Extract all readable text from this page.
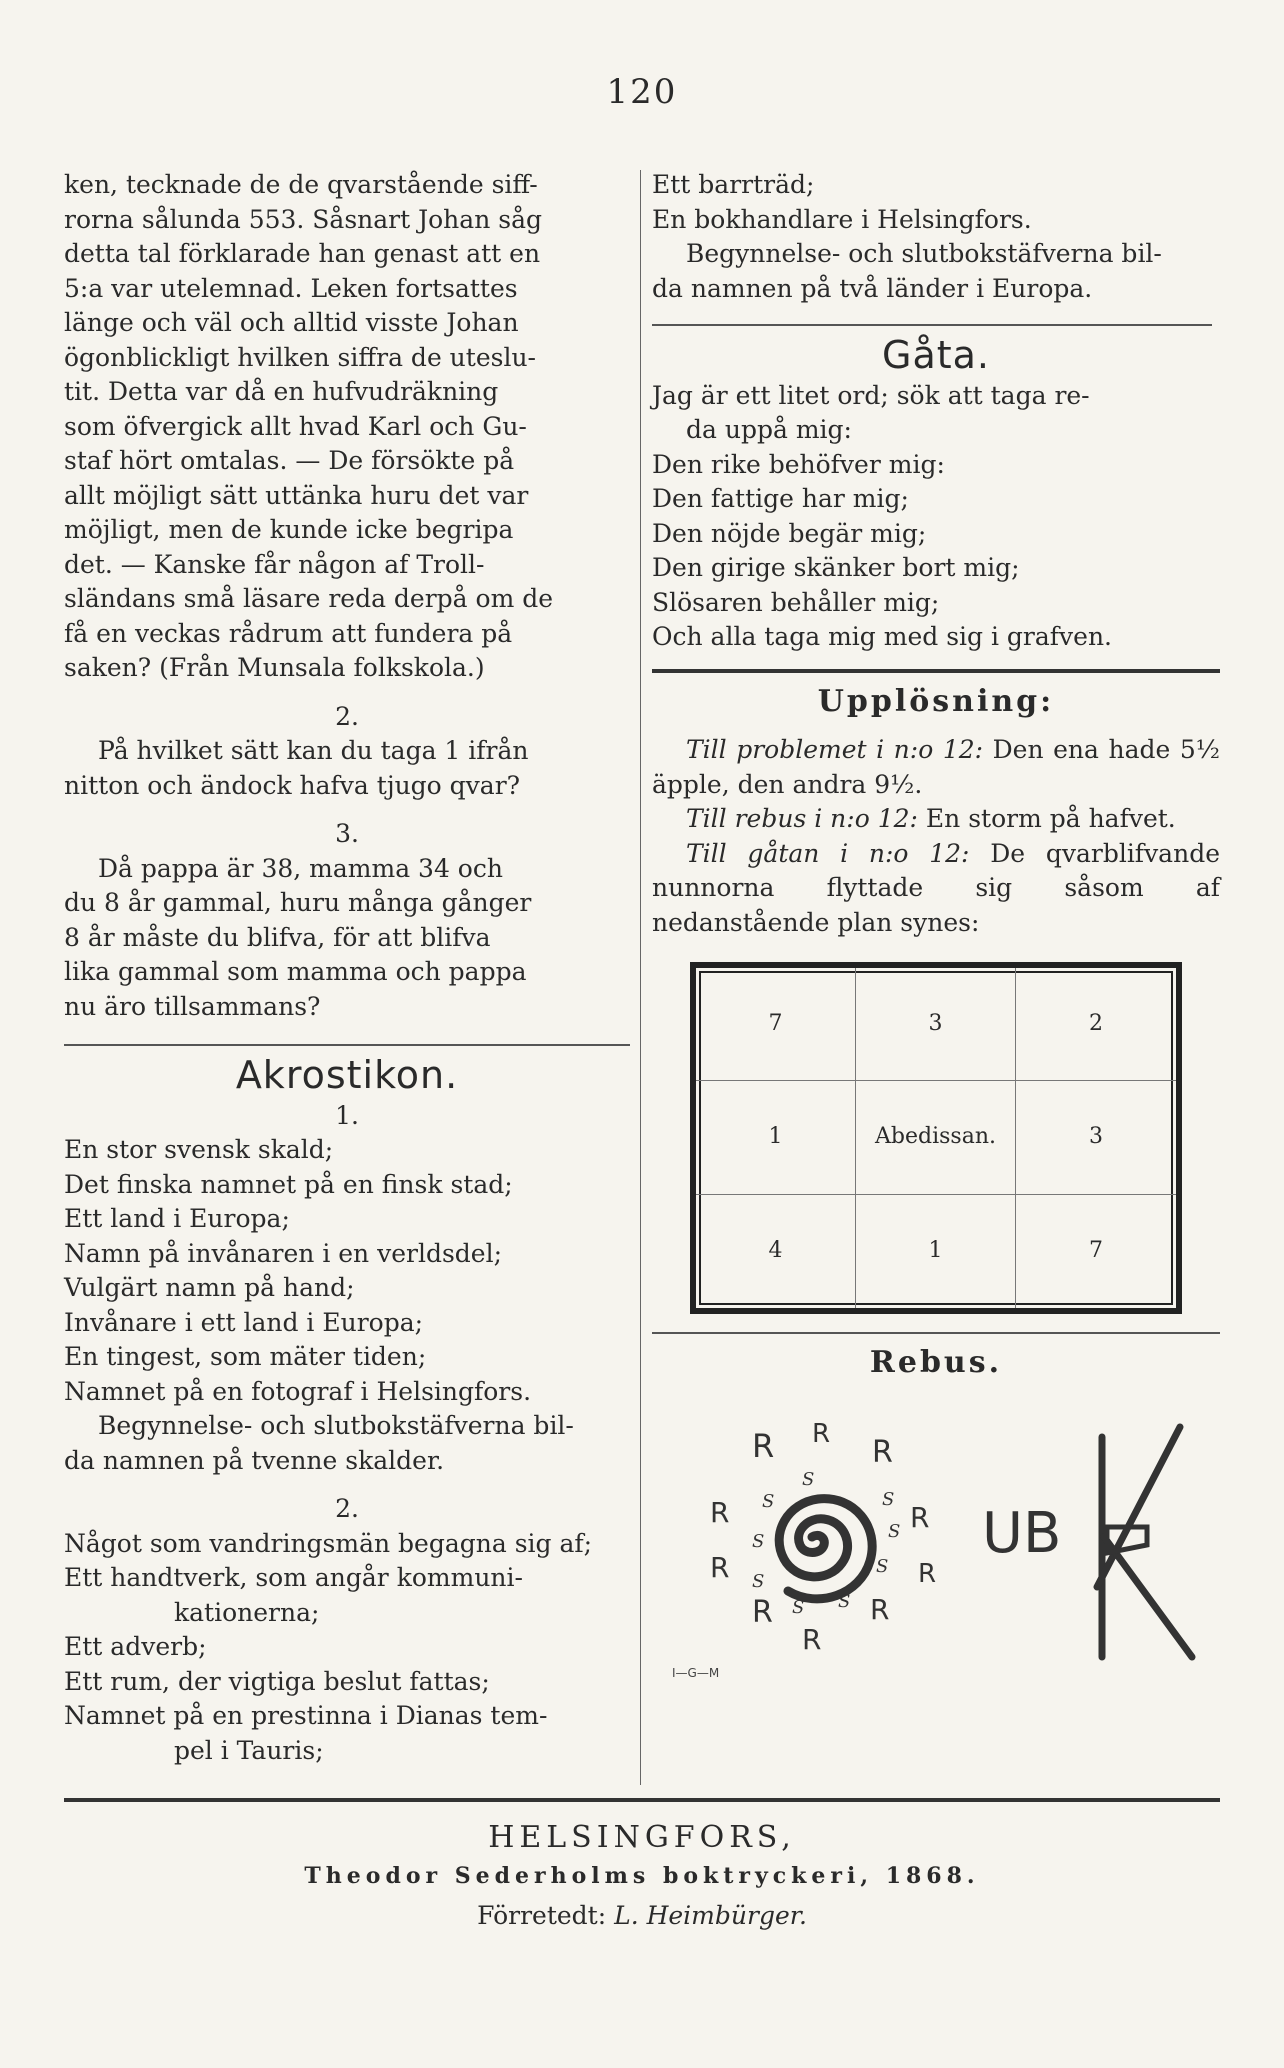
120

ken, tecknade de de qvarstående siff-

rorna sålunda 553. Såsnart Johan såg

detta tal förklarade han genast att en

5:a var utelemnad. Leken fortsattes

länge och väl och alltid visste Johan

ögonblickligt hvilken siffra de uteslu-

tit. Detta var då en hufvudräkning

som öfvergick allt hvad Karl och Gu-

staf hört omtalas. — De försökte på

allt möjligt sätt uttänka huru det var

möjligt, men de kunde icke begripa

det. — Kanske får någon af Troll-

sländans små läsare reda derpå om de

få en veckas rådrum att fundera på

saken? (Från Munsala folkskola.)

2.

På hvilket sätt kan du taga 1 ifrån

nitton och ändock hafva tjugo qvar?

3.

Då pappa är 38, mamma 34 och

du 8 år gammal, huru många gånger

8 år måste du blifva, för att blifva

lika gammal som mamma och pappa

nu äro tillsammans?

Akrostikon.

1.

En stor svensk skald;

Det finska namnet på en finsk stad;

Ett land i Europa;

Namn på invånaren i en verldsdel;

Vulgärt namn på hand;

Invånare i ett land i Europa;

En tingest, som mäter tiden;

Namnet på en fotograf i Helsingfors.

Begynnelse- och slutbokstäfverna bil-

da namnen på tvenne skalder.

2.

Något som vandringsmän begagna sig af;

Ett handtverk, som angår kommuni-

kationerna;

Ett adverb;

Ett rum, der vigtiga beslut fattas;

Namnet på en prestinna i Dianas tem-

pel i Tauris;

Ett barrträd;

En bokhandlare i Helsingfors.

Begynnelse- och slutbokstäfverna bil-

da namnen på två länder i Europa.

Gåta.

Jag är ett litet ord; sök att taga re-

da uppå mig:

Den rike behöfver mig:

Den fattige har mig;

Den nöjde begär mig;

Den girige skänker bort mig;

Slösaren behåller mig;

Och alla taga mig med sig i grafven.

Upplösning:

Till problemet i n:o 12: Den ena hade 5½ äpple, den andra 9½.

Till rebus i n:o 12: En storm på hafvet.

Till gåtan i n:o 12: De qvarblifvande nunnorna flyttade sig såsom af nedanstående plan synes:

7	3	2
1	Abedissan.	3
4	1	7
Rebus.
R R
R
R	R
R	R
R	R
R
S
S	S
S
S
S
S
S S
UB
I—G—M
HELSINGFORS,
Theodor Sederholms boktryckeri, 1868.
Förretedt: L. Heimbürger.
